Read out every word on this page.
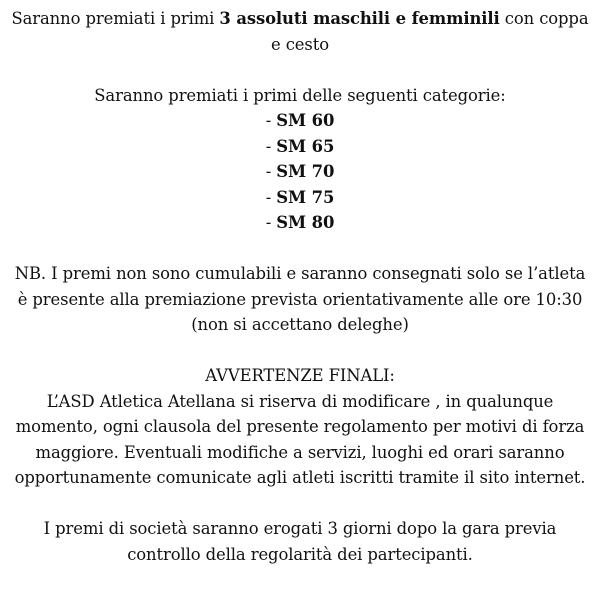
Saranno premiati i primi 3 assoluti maschili e femminili con coppa e cesto

Saranno premiati i primi delle seguenti categorie:

- SM 60
- SM 65
- SM 70
- SM 75
- SM 80

NB. I premi non sono cumulabili e saranno consegnati solo se l’atleta

è presente alla premiazione prevista orientativamente alle ore 10:30

(non si accettano deleghe)

AVVERTENZE FINALI:

L’ASD Atletica Atellana si riserva di modificare , in qualunque

momento, ogni clausola del presente regolamento per motivi di forza

maggiore. Eventuali modifiche a servizi, luoghi ed orari saranno

opportunamente comunicate agli atleti iscritti tramite il sito internet.

I premi di società saranno erogati 3 giorni dopo la gara previa

controllo della regolarità dei partecipanti.
